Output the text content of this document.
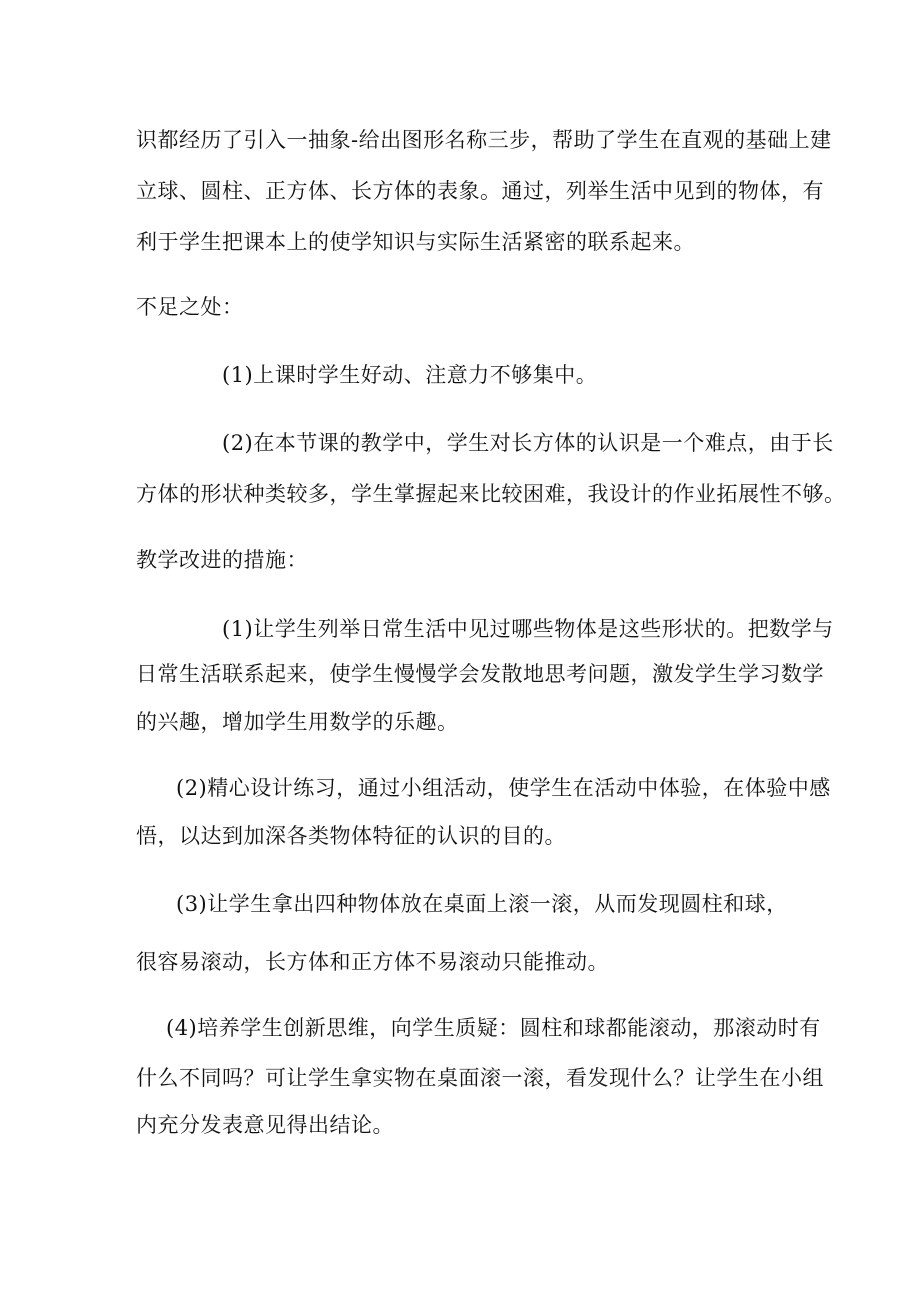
识都经历了引入一抽象-给出图形名称三步，帮助了学生在直观的基础上建

立球、圆柱、正方体、长方体的表象。通过，列举生活中见到的物体，有

利于学生把课本上的使学知识与实际生活紧密的联系起来。

不足之处：

(1)上课时学生好动、注意力不够集中。

(2)在本节课的教学中，学生对长方体的认识是一个难点，由于长

方体的形状种类较多，学生掌握起来比较困难，我设计的作业拓展性不够。

教学改进的措施：

(1)让学生列举日常生活中见过哪些物体是这些形状的。把数学与

日常生活联系起来，使学生慢慢学会发散地思考问题，激发学生学习数学

的兴趣，增加学生用数学的乐趣。

(2)精心设计练习，通过小组活动，使学生在活动中体验，在体验中感

悟，以达到加深各类物体特征的认识的目的。

(3)让学生拿出四种物体放在桌面上滚一滚，从而发现圆柱和球，

很容易滚动，长方体和正方体不易滚动只能推动。

(4)培养学生创新思维，向学生质疑：圆柱和球都能滚动，那滚动时有

什么不同吗？可让学生拿实物在桌面滚一滚，看发现什么？让学生在小组

内充分发表意见得出结论。
